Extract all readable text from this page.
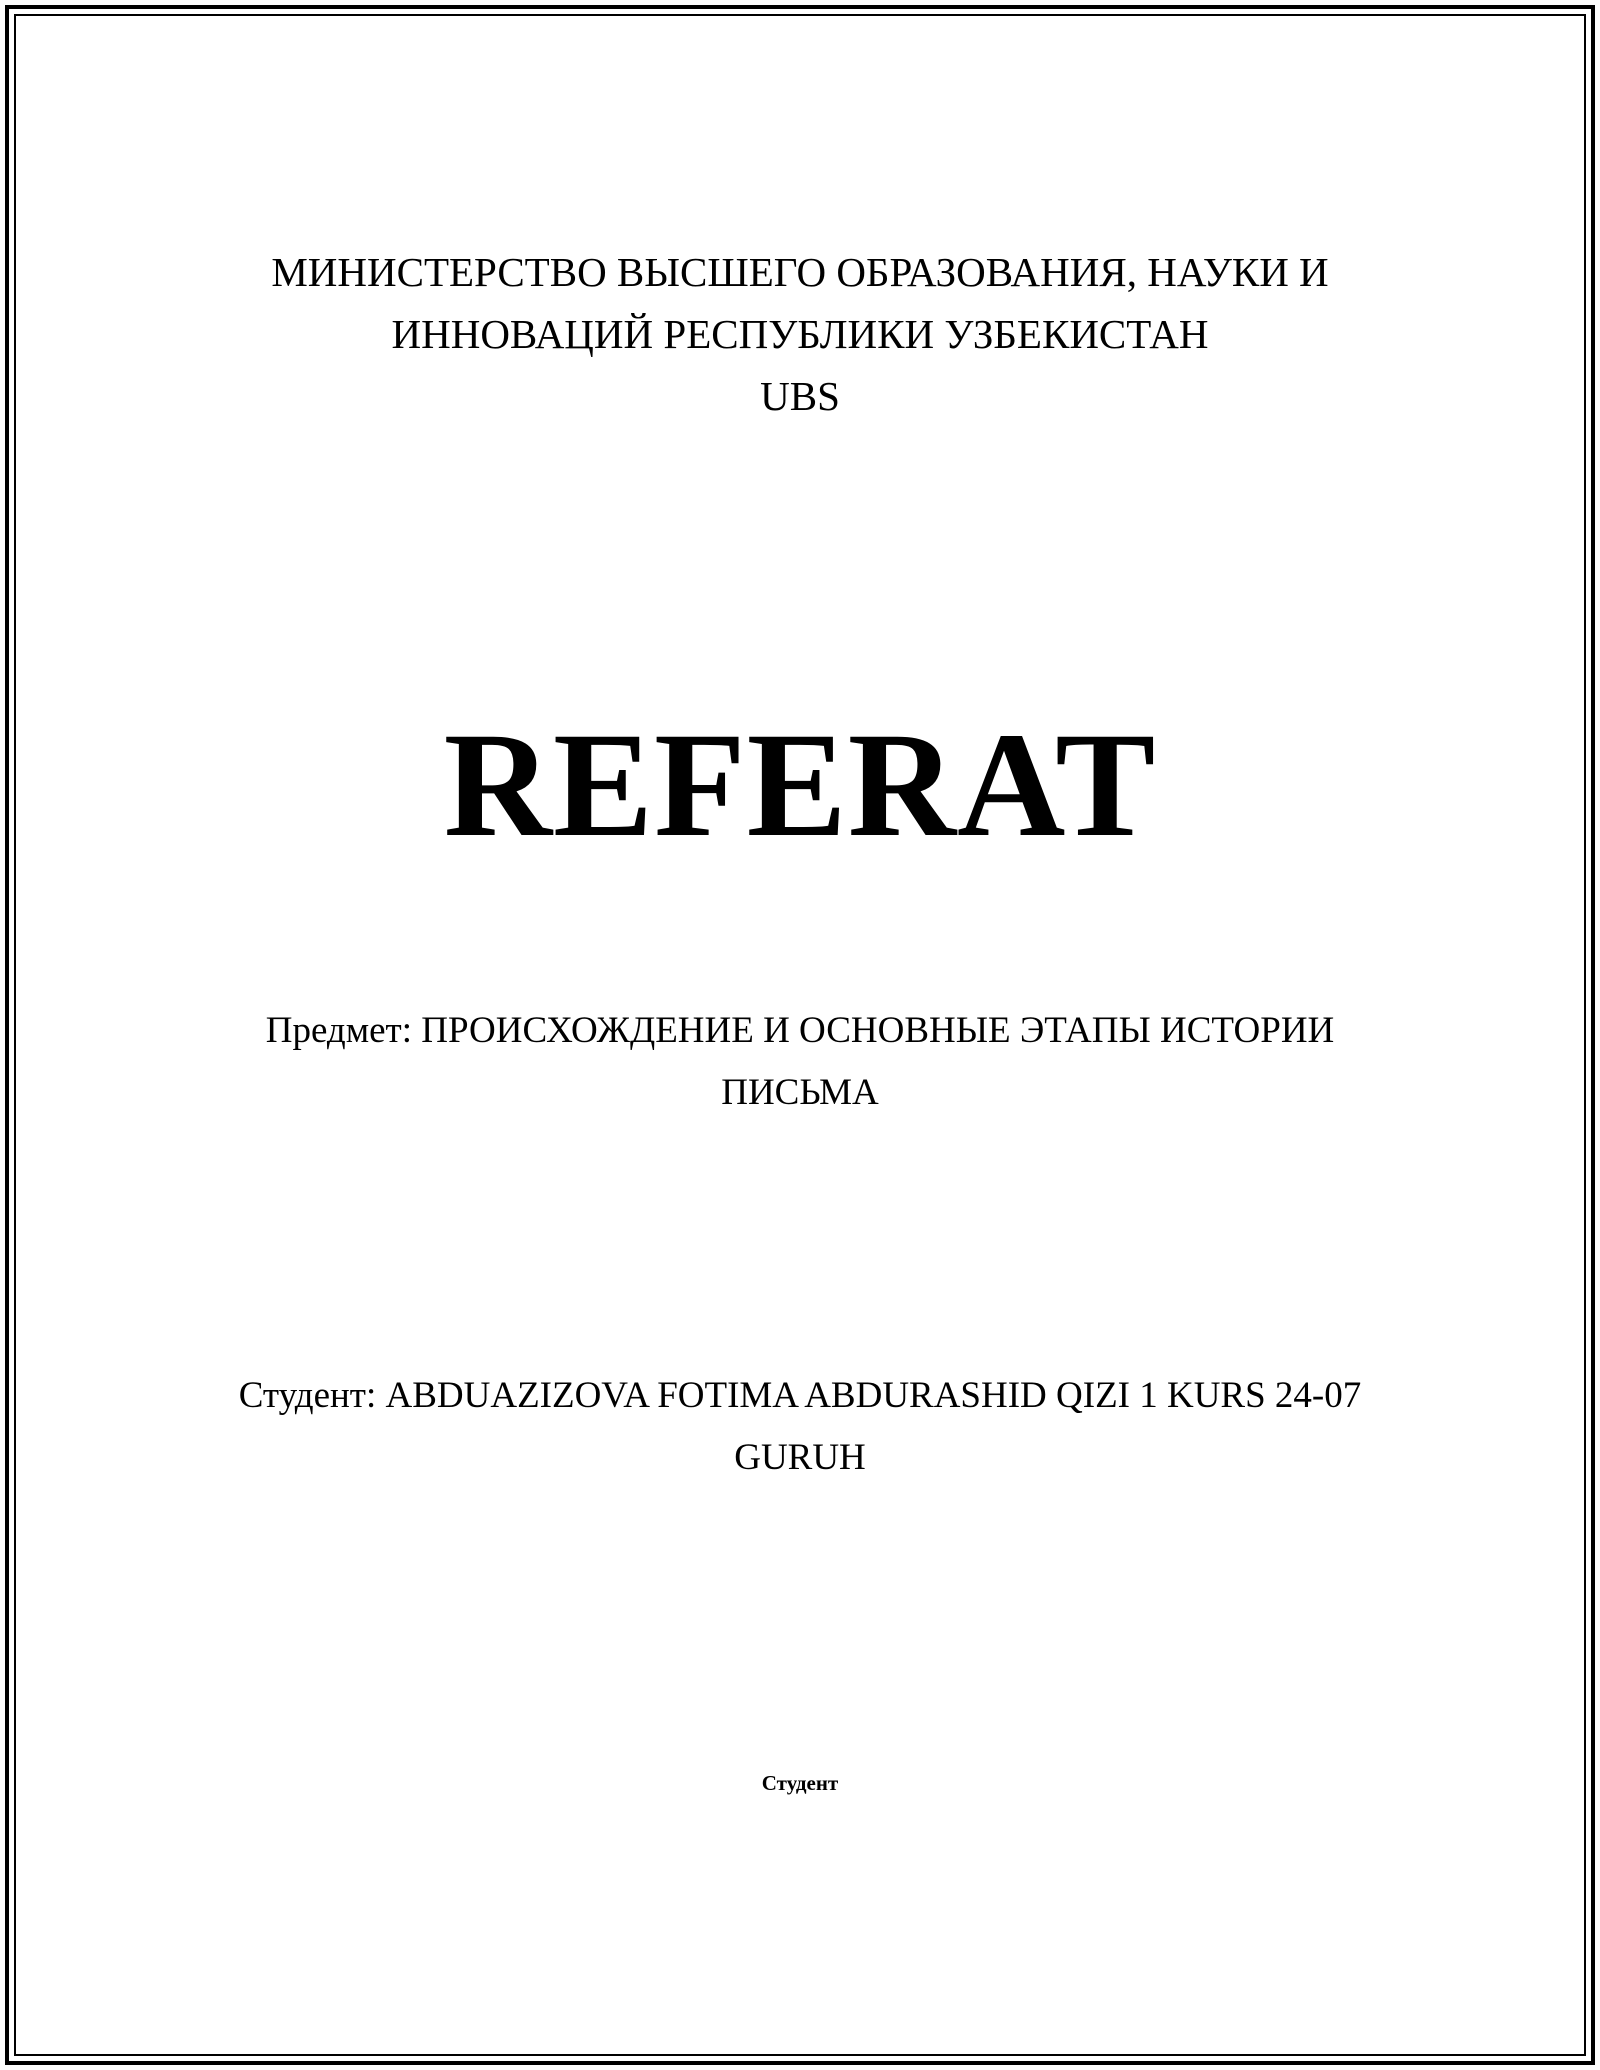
МИНИСТЕРСТВО ВЫСШЕГО ОБРАЗОВАНИЯ, НАУКИ И
ИННОВАЦИЙ РЕСПУБЛИКИ УЗБЕКИСТАН
UBS
REFERAT
Предмет: ПРОИСХОЖДЕНИЕ И ОСНОВНЫЕ ЭТАПЫ ИСТОРИИ
ПИСЬМА
Студент: ABDUAZIZOVA FOTIMA ABDURASHID QIZI 1 KURS 24-07
GURUH
Студент
